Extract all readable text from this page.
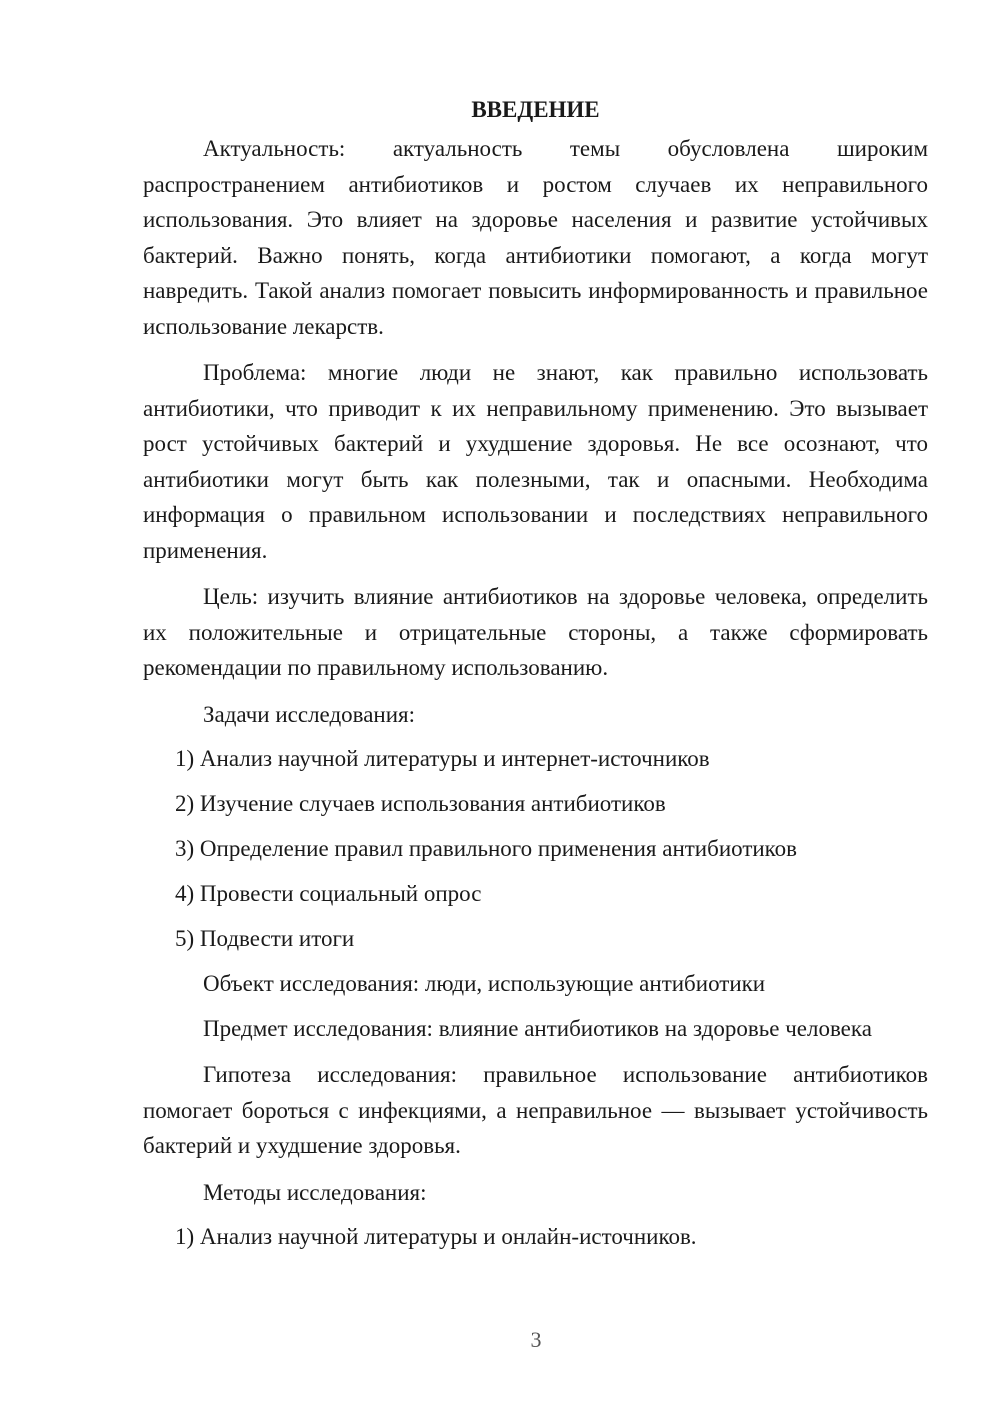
ВВЕДЕНИЕ
Актуальность: актуальность темы обусловлена широким распространением антибиотиков и ростом случаев их неправильного использования. Это влияет на здоровье населения и развитие устойчивых бактерий. Важно понять, когда антибиотики помогают, а когда могут навредить. Такой анализ помогает повысить информированность и правильное использование лекарств.
Проблема: многие люди не знают, как правильно использовать антибиотики, что приводит к их неправильному применению. Это вызывает рост устойчивых бактерий и ухудшение здоровья. Не все осознают, что антибиотики могут быть как полезными, так и опасными. Необходима информация о правильном использовании и последствиях неправильного применения.
Цель: изучить влияние антибиотиков на здоровье человека, определить их положительные и отрицательные стороны, а также сформировать рекомендации по правильному использованию.
Задачи исследования:
1) Анализ научной литературы и интернет-источников
2) Изучение случаев использования антибиотиков
3) Определение правил правильного применения антибиотиков
4) Провести социальный опрос
5) Подвести итоги
Объект исследования: люди, использующие антибиотики
Предмет исследования: влияние антибиотиков на здоровье человека
Гипотеза исследования: правильное использование антибиотиков помогает бороться с инфекциями, а неправильное — вызывает устойчивость бактерий и ухудшение здоровья.
Методы исследования:
1) Анализ научной литературы и онлайн-источников.
3
